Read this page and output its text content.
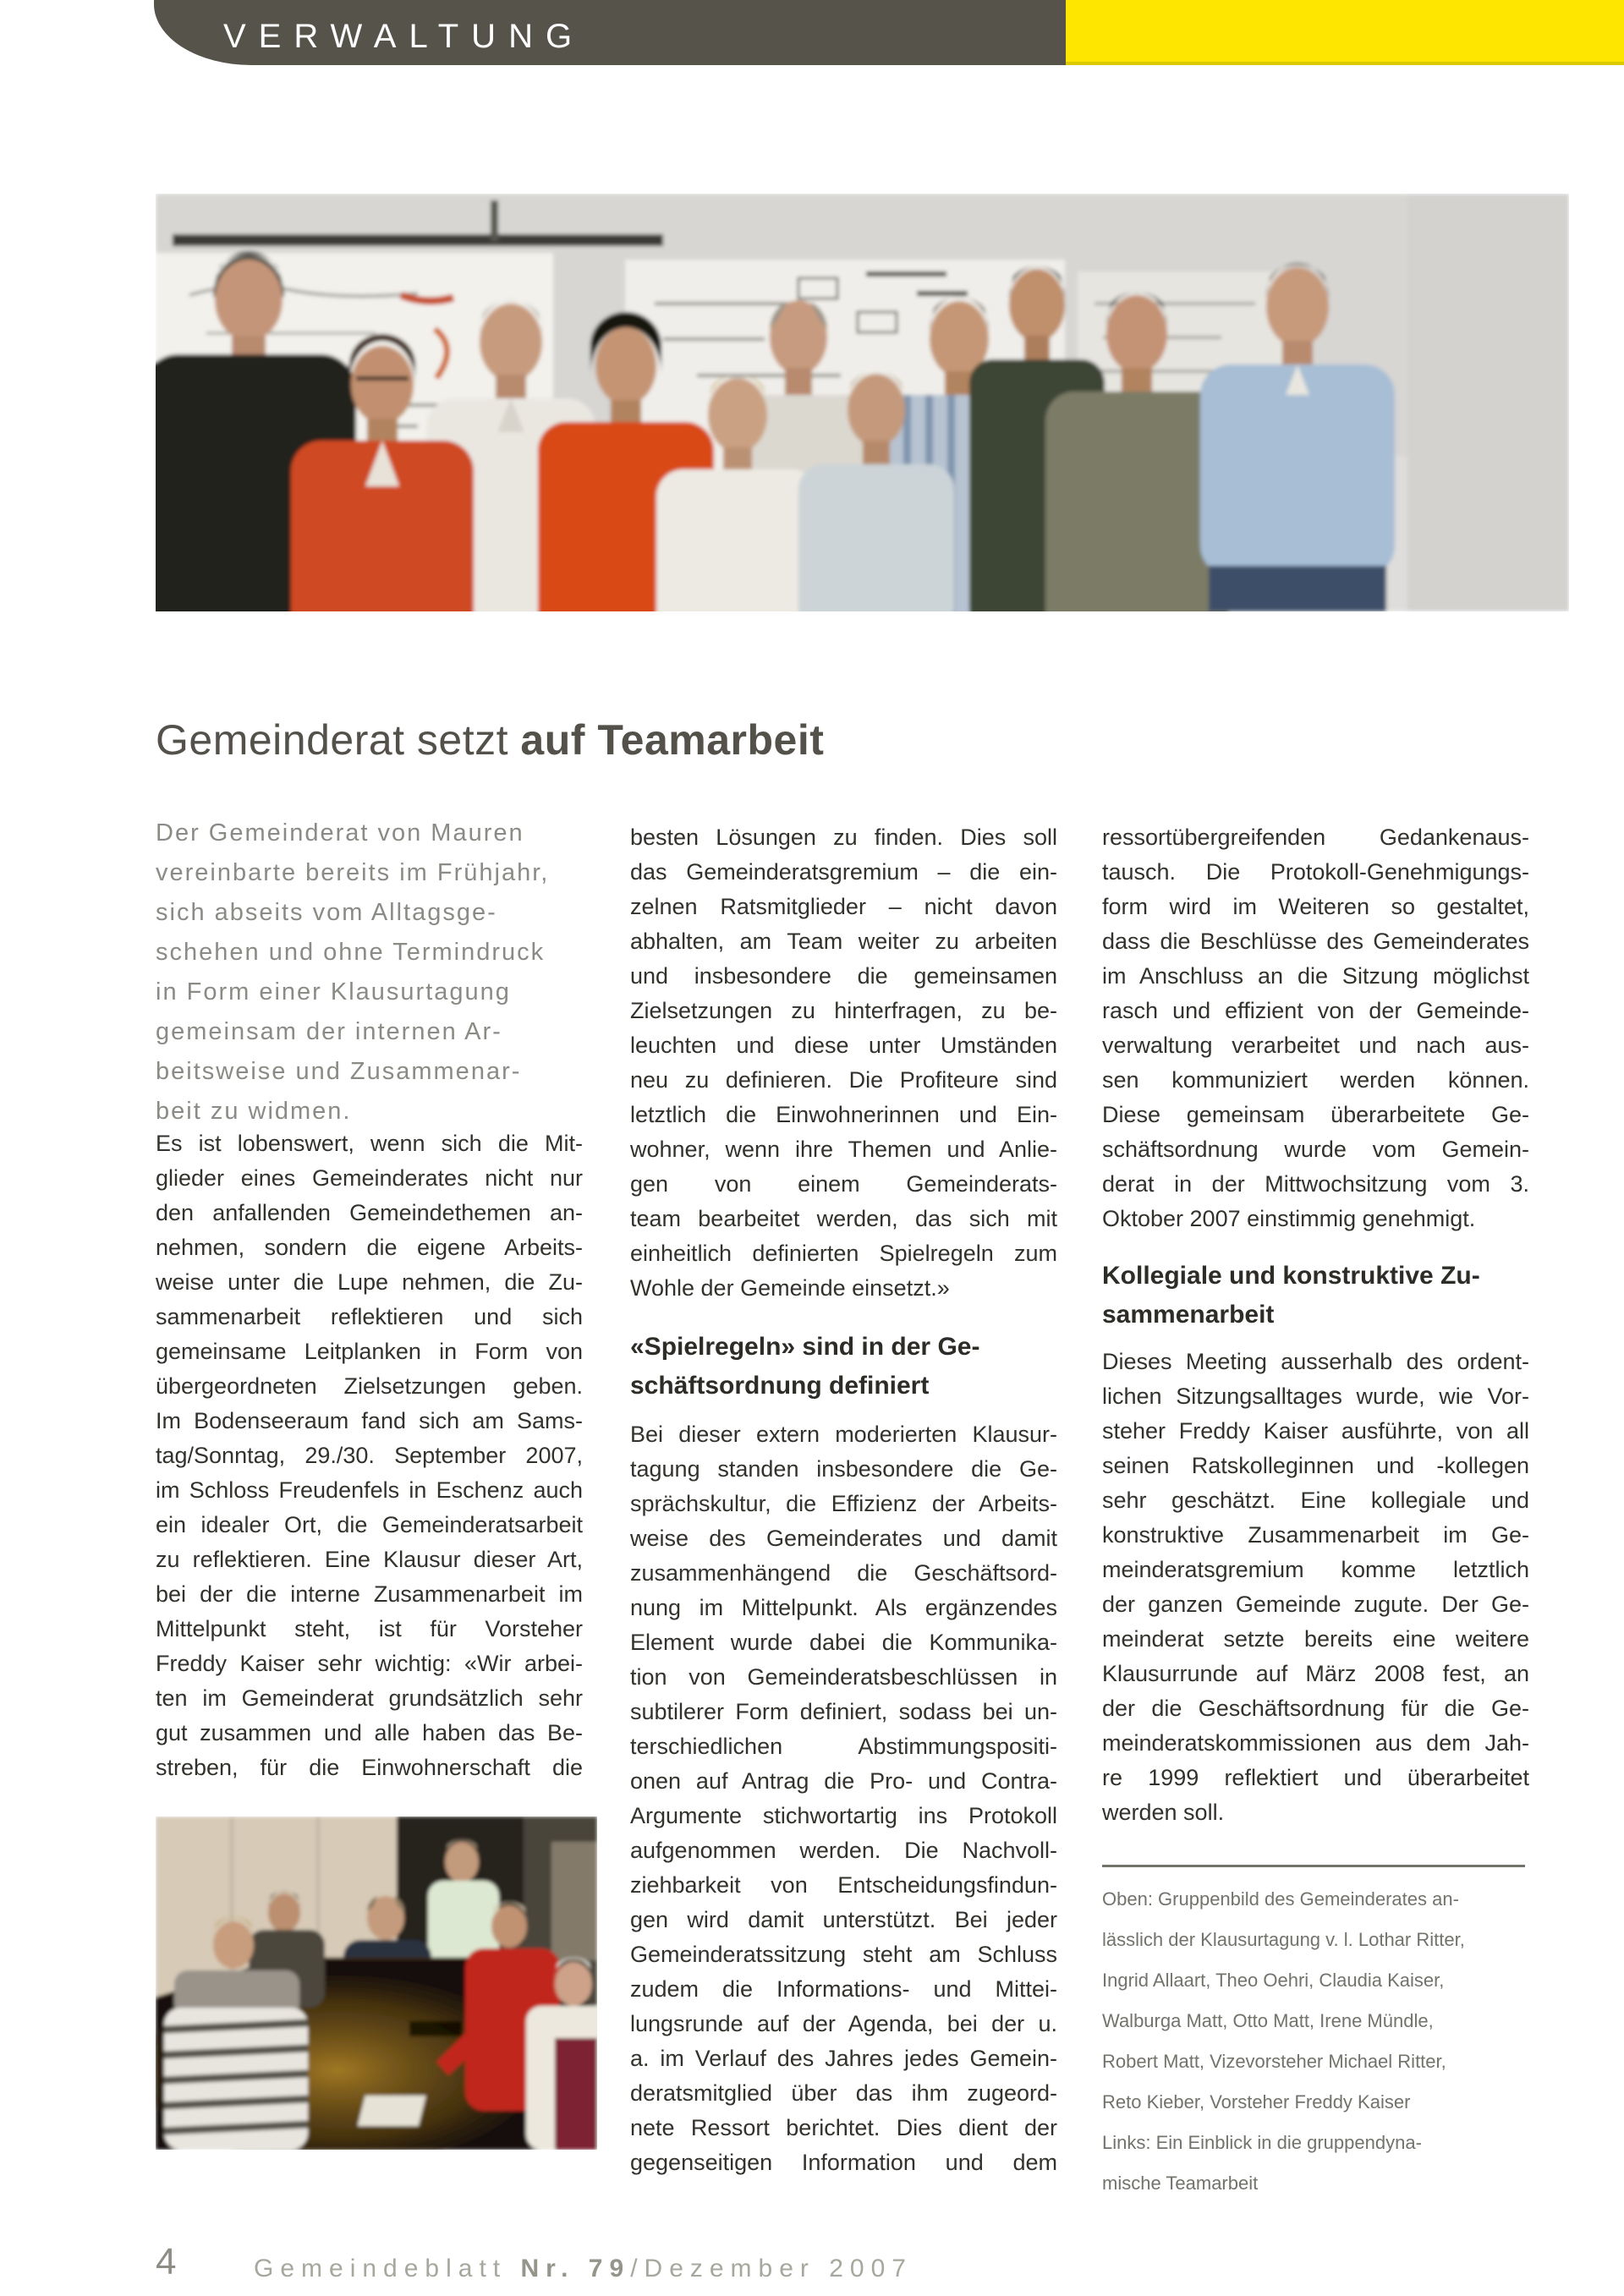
VERWALTUNG
Gemeinderat setzt auf Teamarbeit
Der Gemeinderat von Mauren
vereinbarte bereits im Frühjahr,
sich abseits vom Alltagsge-
schehen und ohne Termindruck
in Form einer Klausurtagung
gemeinsam der internen Ar-
beitsweise und Zusammenar-
beit zu widmen.
Es ist lobenswert, wenn sich die Mit-
glieder eines Gemeinderates nicht nur
den anfallenden Gemeindethemen an-
nehmen, sondern die eigene Arbeits-
weise unter die Lupe nehmen, die Zu-
sammenarbeit reflektieren und sich
gemeinsame Leitplanken in Form von
übergeordneten Zielsetzungen geben.
Im Bodenseeraum fand sich am Sams-
tag/Sonntag, 29./30. September 2007,
im Schloss Freudenfels in Eschenz auch
ein idealer Ort, die Gemeinderatsarbeit
zu reflektieren. Eine Klausur dieser Art,
bei der die interne Zusammenarbeit im
Mittelpunkt steht, ist für Vorsteher
Freddy Kaiser sehr wichtig: «Wir arbei-
ten im Gemeinderat grundsätzlich sehr
gut zusammen und alle haben das Be-
streben, für die Einwohnerschaft die
besten Lösungen zu finden. Dies soll
das Gemeinderatsgremium – die ein-
zelnen Ratsmitglieder – nicht davon
abhalten, am Team weiter zu arbeiten
und insbesondere die gemeinsamen
Zielsetzungen zu hinterfragen, zu be-
leuchten und diese unter Umständen
neu zu definieren. Die Profiteure sind
letztlich die Einwohnerinnen und Ein-
wohner, wenn ihre Themen und Anlie-
gen von einem Gemeinderats-
team bearbeitet werden, das sich mit
einheitlich definierten Spielregeln zum
Wohle der Gemeinde einsetzt.»
«Spielregeln» sind in der Ge-
schäftsordnung definiert
Bei dieser extern moderierten Klausur-
tagung standen insbesondere die Ge-
sprächskultur, die Effizienz der Arbeits-
weise des Gemeinderates und damit
zusammenhängend die Geschäftsord-
nung im Mittelpunkt. Als ergänzendes
Element wurde dabei die Kommunika-
tion von Gemeinderatsbeschlüssen in
subtilerer Form definiert, sodass bei un-
terschiedlichen Abstimmungspositi-
onen auf Antrag die Pro- und Contra-
Argumente stichwortartig ins Protokoll
aufgenommen werden. Die Nachvoll-
ziehbarkeit von Entscheidungsfindun-
gen wird damit unterstützt. Bei jeder
Gemeinderatssitzung steht am Schluss
zudem die Informations- und Mittei-
lungsrunde auf der Agenda, bei der u.
a. im Verlauf des Jahres jedes Gemein-
deratsmitglied über das ihm zugeord-
nete Ressort berichtet. Dies dient der
gegenseitigen Information und dem
ressortübergreifenden Gedankenaus-
tausch. Die Protokoll-Genehmigungs-
form wird im Weiteren so gestaltet,
dass die Beschlüsse des Gemeinderates
im Anschluss an die Sitzung möglichst
rasch und effizient von der Gemeinde-
verwaltung verarbeitet und nach aus-
sen kommuniziert werden können.
Diese gemeinsam überarbeitete Ge-
schäftsordnung wurde vom Gemein-
derat in der Mittwochsitzung vom 3.
Oktober 2007 einstimmig genehmigt.
Kollegiale und konstruktive Zu-
sammenarbeit
Dieses Meeting ausserhalb des ordent-
lichen Sitzungsalltages wurde, wie Vor-
steher Freddy Kaiser ausführte, von all
seinen Ratskolleginnen und -kollegen
sehr geschätzt. Eine kollegiale und
konstruktive Zusammenarbeit im Ge-
meinderatsgremium komme letztlich
der ganzen Gemeinde zugute. Der Ge-
meinderat setzte bereits eine weitere
Klausurrunde auf März 2008 fest, an
der die Geschäftsordnung für die Ge-
meinderatskommissionen aus dem Jah-
re 1999 reflektiert und überarbeitet
werden soll.
Oben: Gruppenbild des Gemeinderates an-
lässlich der Klausurtagung v. l. Lothar Ritter,
Ingrid Allaart, Theo Oehri, Claudia Kaiser,
Walburga Matt, Otto Matt, Irene Mündle,
Robert Matt, Vizevorsteher Michael Ritter,
Reto Kieber, Vorsteher Freddy Kaiser
Links: Ein Einblick in die gruppendyna-
mische Teamarbeit
4	Gemeindeblatt Nr. 79/Dezember 2007
